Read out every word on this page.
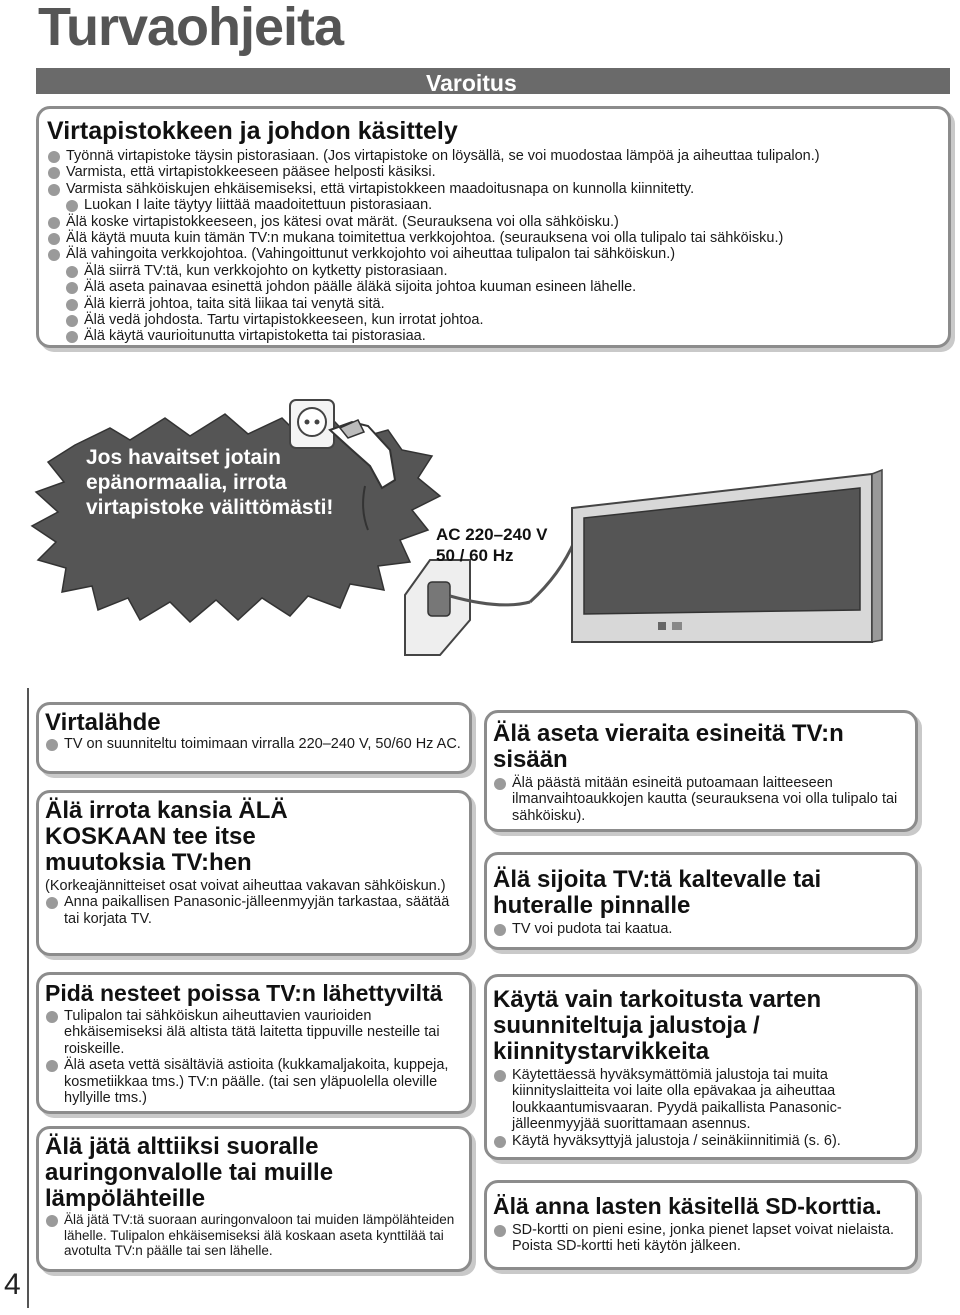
Turvaohjeita
Varoitus
Virtapistokkeen ja johdon käsittely
Työnnä virtapistoke täysin pistorasiaan. (Jos virtapistoke on löysällä, se voi muodostaa lämpöä ja aiheuttaa tulipalon.)
Varmista, että virtapistokkeeseen pääsee helposti käsiksi.
Varmista sähköiskujen ehkäisemiseksi, että virtapistokkeen maadoitusnapa on kunnolla kiinnitetty.
Luokan I laite täytyy liittää maadoitettuun pistorasiaan.
Älä koske virtapistokkeeseen, jos kätesi ovat märät. (Seurauksena voi olla sähköisku.)
Älä käytä muuta kuin tämän TV:n mukana toimitettua verkkojohtoa. (seurauksena voi olla tulipalo tai sähköisku.)
Älä vahingoita verkkojohtoa. (Vahingoittunut verkkojohto voi aiheuttaa tulipalon tai sähköiskun.)
Älä siirrä TV:tä, kun verkkojohto on kytketty pistorasiaan.
Älä aseta painavaa esinettä johdon päälle äläkä sijoita johtoa kuuman esineen lähelle.
Älä kierrä johtoa, taita sitä liikaa tai venytä sitä.
Älä vedä johdosta. Tartu virtapistokkeeseen, kun irrotat johtoa.
Älä käytä vaurioitunutta virtapistoketta tai pistorasiaa.
Jos havaitset jotain epänormaalia, irrota virtapistoke välittömästi!
AC 220–240 V
50 / 60 Hz
Virtalähde
TV on suunniteltu toimimaan virralla 220–240 V, 50/60 Hz AC.
Älä irrota kansia ÄLÄ KOSKAAN tee itse muutoksia TV:hen

(Korkeajännitteiset osat voivat aiheuttaa vakavan sähköiskun.)

Anna paikallisen Panasonic-jälleenmyyjän tarkastaa, säätää tai korjata TV.
Pidä nesteet poissa TV:n lähettyviltä
Tulipalon tai sähköiskun aiheuttavien vaurioiden ehkäisemiseksi älä altista tätä laitetta tippuville nesteille tai roiskeille.
Älä aseta vettä sisältäviä astioita (kukkamaljakoita, kuppeja, kosmetiikkaa tms.) TV:n päälle. (tai sen yläpuolella oleville hyllyille tms.)
Älä jätä alttiiksi suoralle auringonvalolle tai muille lämpölähteille
Älä jätä TV:tä suoraan auringonvaloon tai muiden lämpölähteiden lähelle. Tulipalon ehkäisemiseksi älä koskaan aseta kynttilää tai avotulta TV:n päälle tai sen lähelle.
Älä aseta vieraita esineitä TV:n sisään
Älä päästä mitään esineitä putoamaan laitteeseen ilmanvaihtoaukkojen kautta (seurauksena voi olla tulipalo tai sähköisku).
Älä sijoita TV:tä kaltevalle tai huteralle pinnalle
TV voi pudota tai kaatua.
Käytä vain tarkoitusta varten suunniteltuja jalustoja / kiinnitystarvikkeita
Käytettäessä hyväksymättömiä jalustoja tai muita kiinnityslaitteita voi laite olla epävakaa ja aiheuttaa loukkaantumisvaaran. Pyydä paikallista Panasonic-jälleenmyyjää suorittamaan asennus.
Käytä hyväksyttyjä jalustoja / seinäkiinnitimiä (s. 6).
Älä anna lasten käsitellä SD-korttia.
SD-kortti on pieni esine, jonka pienet lapset voivat nielaista. Poista SD-kortti heti käytön jälkeen.
4
